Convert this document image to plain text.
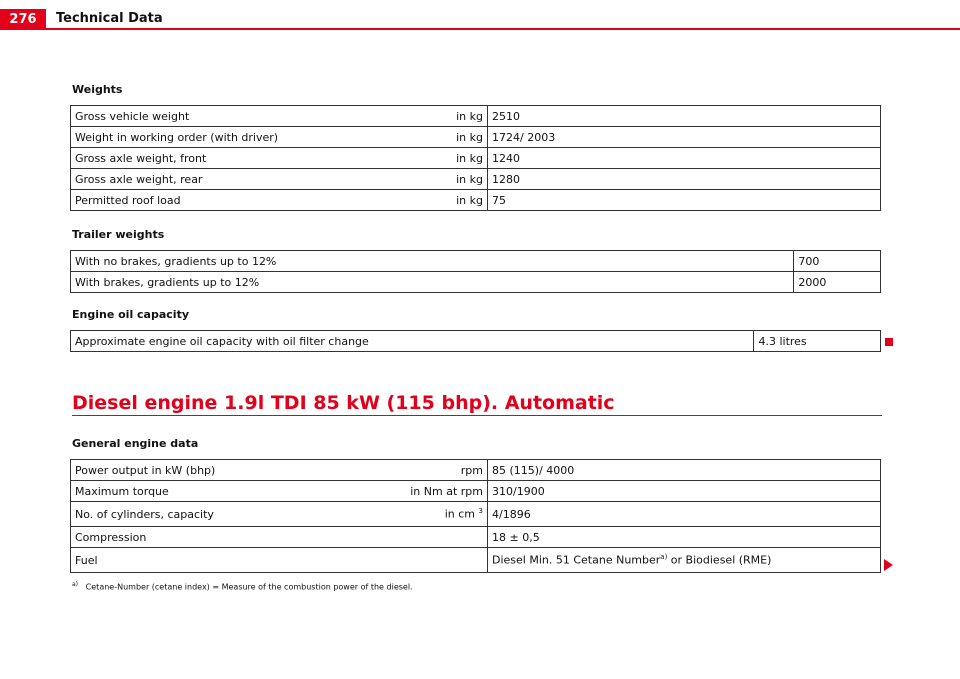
276	Technical Data
Weights
Gross vehicle weight	in kg	2510
Weight in working order (with driver)	in kg	1724/ 2003
Gross axle weight, front	in kg	1240
Gross axle weight, rear	in kg	1280
Permitted roof load	in kg	75
Trailer weights
With no brakes, gradients up to 12%	700
With brakes, gradients up to 12%	2000
Engine oil capacity
Approximate engine oil capacity with oil filter change	4.3 litres
Diesel engine 1.9l TDI 85 kW (115 bhp). Automatic
General engine data
Power output in kW (bhp)	rpm	85 (115)/ 4000
Maximum torque	in Nm at rpm	310/1900
No. of cylinders, capacity	in cm $^3$	4/1896
Compression		18 ± 0,5
Fuel		Diesel Min. 51 Cetane Number$^{a)}$ or Biodiesel (RME)
$^{a)}$ Cetane-Number (cetane index) = Measure of the combustion power of the diesel.
